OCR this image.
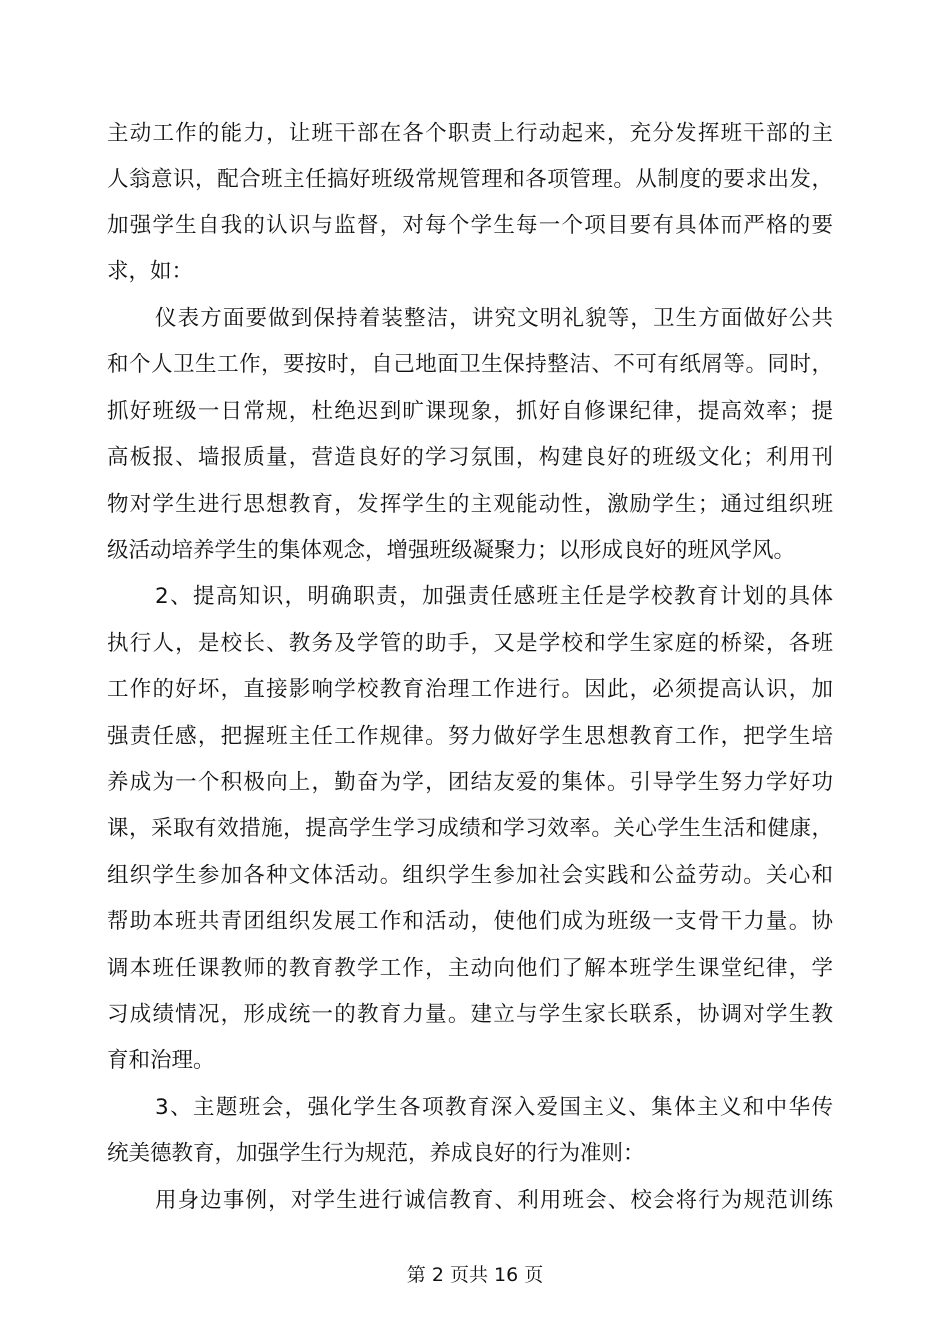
主动工作的能力，让班干部在各个职责上行动起来，充分发挥班干部的主
人翁意识，配合班主任搞好班级常规管理和各项管理。从制度的要求出发，
加强学生自我的认识与监督，对每个学生每一个项目要有具体而严格的要
求，如：
仪表方面要做到保持着装整洁，讲究文明礼貌等，卫生方面做好公共
和个人卫生工作，要按时，自己地面卫生保持整洁、不可有纸屑等。同时，
抓好班级一日常规，杜绝迟到旷课现象，抓好自修课纪律，提高效率；提
高板报、墙报质量，营造良好的学习氛围，构建良好的班级文化；利用刊
物对学生进行思想教育，发挥学生的主观能动性，激励学生；通过组织班
级活动培养学生的集体观念，增强班级凝聚力；以形成良好的班风学风。
2、提高知识，明确职责，加强责任感班主任是学校教育计划的具体
执行人，是校长、教务及学管的助手，又是学校和学生家庭的桥梁，各班
工作的好坏，直接影响学校教育治理工作进行。因此，必须提高认识，加
强责任感，把握班主任工作规律。努力做好学生思想教育工作，把学生培
养成为一个积极向上，勤奋为学，团结友爱的集体。引导学生努力学好功
课，采取有效措施，提高学生学习成绩和学习效率。关心学生生活和健康，
组织学生参加各种文体活动。组织学生参加社会实践和公益劳动。关心和
帮助本班共青团组织发展工作和活动，使他们成为班级一支骨干力量。协
调本班任课教师的教育教学工作，主动向他们了解本班学生课堂纪律，学
习成绩情况，形成统一的教育力量。建立与学生家长联系，协调对学生教
育和治理。
3、主题班会，强化学生各项教育深入爱国主义、集体主义和中华传
统美德教育，加强学生行为规范，养成良好的行为准则：
用身边事例，对学生进行诚信教育、利用班会、校会将行为规范训练
第 2 页共 16 页
